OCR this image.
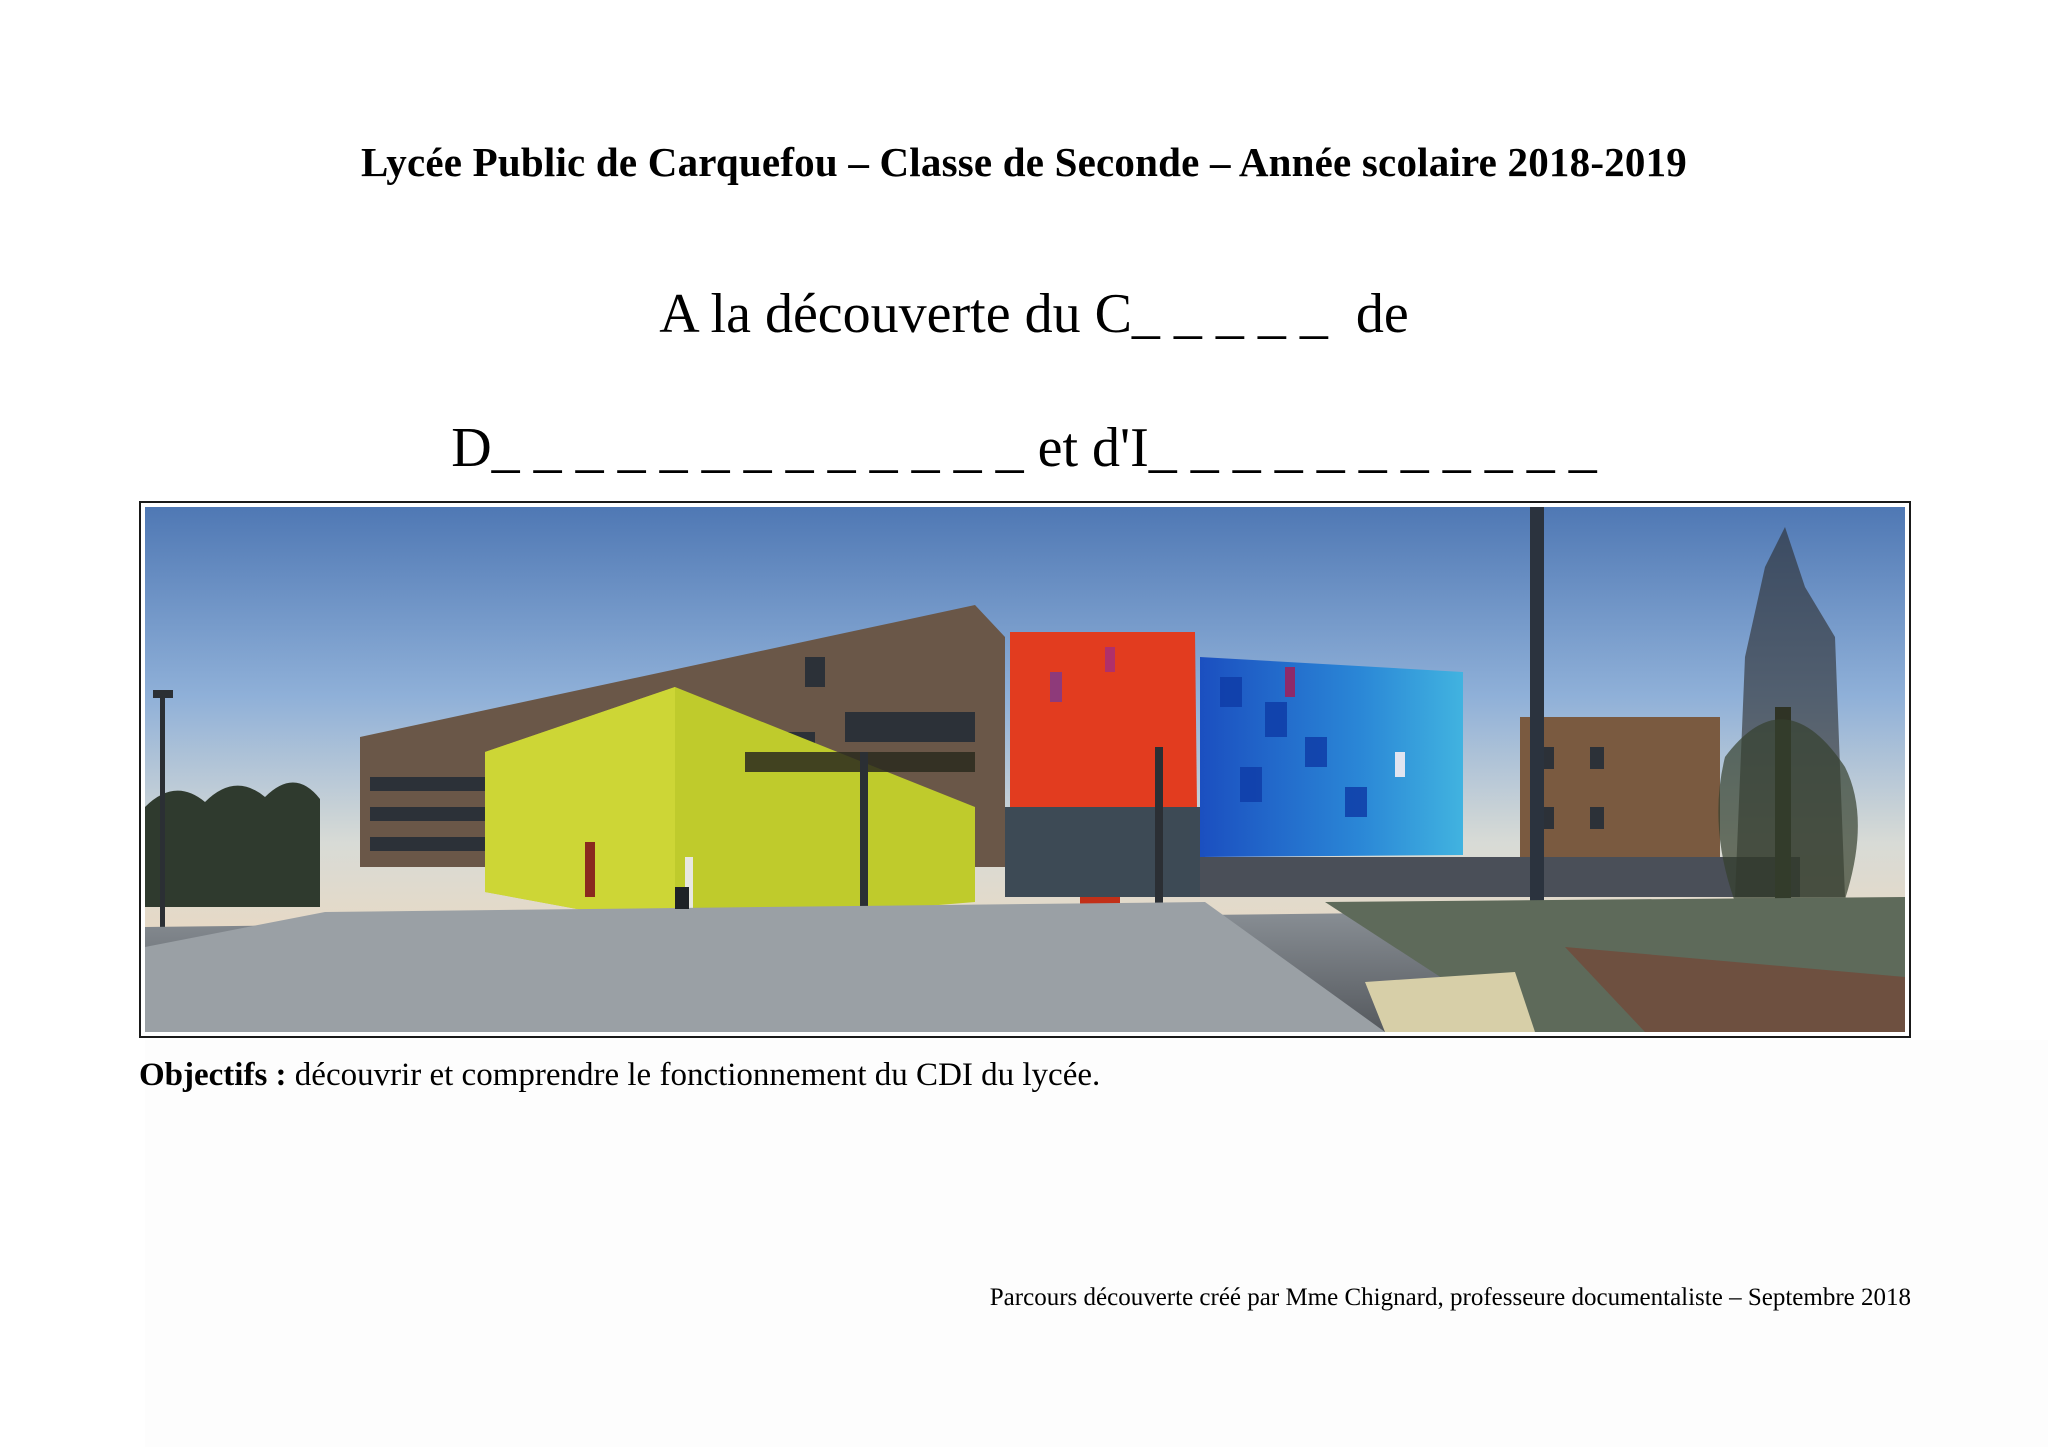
Lycée Public de Carquefou – Classe de Seconde – Année scolaire 2018-2019
A la découverte du C_ _ _ _ _  de
D_ _ _ _ _ _ _ _ _ _ _ _ _ et d'I_ _ _ _ _ _ _ _ _ _ _
Objectifs : découvrir et comprendre le fonctionnement du CDI du lycée.
Parcours découverte créé par Mme Chignard, professeure documentaliste – Septembre 2018
